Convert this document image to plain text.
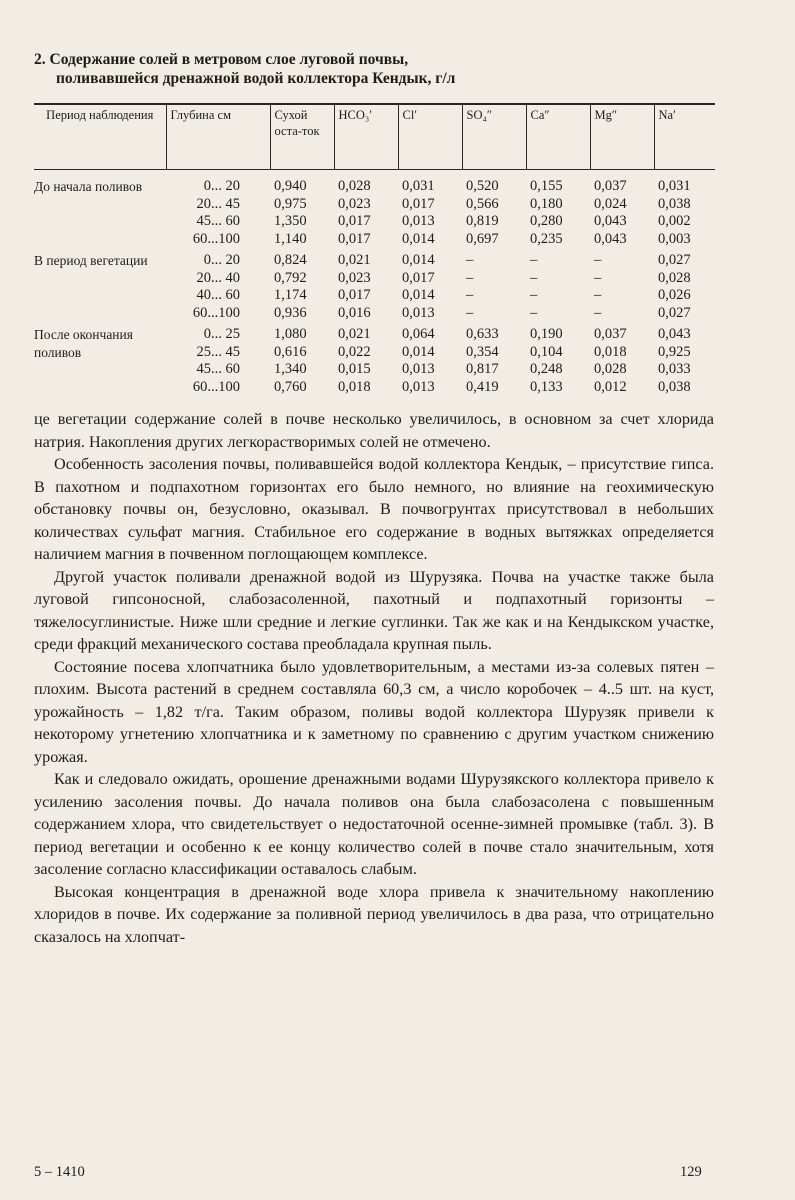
2. Содержание солей в метровом слое луговой почвы,
поливавшейся дренажной водой коллектора Кендык, г/л
Период наблюдения	Глубина см	Сухой оста-ток	HCO₃′	Cl′	SO₄″	Ca″	Mg″	Na′
До начала поливов	0... 20	0,940	0,028	0,031	0,520	0,155	0,037	0,031
	20... 45	0,975	0,023	0,017	0,566	0,180	0,024	0,038
	45... 60	1,350	0,017	0,013	0,819	0,280	0,043	0,002
	60...100	1,140	0,017	0,014	0,697	0,235	0,043	0,003
В период вегетации	0... 20	0,824	0,021	0,014	–	–	–	0,027
	20... 40	0,792	0,023	0,017	–	–	–	0,028
	40... 60	1,174	0,017	0,014	–	–	–	0,026
	60...100	0,936	0,016	0,013	–	–	–	0,027
После окончания поливов	0... 25	1,080	0,021	0,064	0,633	0,190	0,037	0,043
	25... 45	0,616	0,022	0,014	0,354	0,104	0,018	0,925
	45... 60	1,340	0,015	0,013	0,817	0,248	0,028	0,033
	60...100	0,760	0,018	0,013	0,419	0,133	0,012	0,038

це вегетации содержание солей в почве несколько увеличилось, в основном за счет хлорида натрия. Накопления других легкорастворимых солей не отмечено.

Особенность засоления почвы, поливавшейся водой коллектора Кендык, – присутствие гипса. В пахотном и подпахотном горизонтах его было немного, но влияние на геохимическую обстановку почвы он, безусловно, оказывал. В почвогрунтах присутствовал в небольших количествах сульфат магния. Стабильное его содержание в водных вытяжках определяется наличием магния в почвенном поглощающем комплексе.

Другой участок поливали дренажной водой из Шурузяка. Почва на участке также была луговой гипсоносной, слабозасоленной, пахотный и подпахотный горизонты – тяжелосуглинистые. Ниже шли средние и легкие суглинки. Так же как и на Кендыкском участке, среди фракций механического состава преобладала крупная пыль.

Состояние посева хлопчатника было удовлетворительным, а местами из-за солевых пятен – плохим. Высота растений в среднем составляла 60,3 см, а число коробочек – 4..5 шт. на куст, урожайность – 1,82 т/га. Таким образом, поливы водой коллектора Шурузяк привели к некоторому угнетению хлопчатника и к заметному по сравнению с другим участком снижению урожая.

Как и следовало ожидать, орошение дренажными водами Шурузякского коллектора привело к усилению засоления почвы. До начала поливов она была слабозасолена с повышенным содержанием хлора, что свидетельствует о недостаточной осенне-зимней промывке (табл. 3). В период вегетации и особенно к ее концу количество солей в почве стало значительным, хотя засоление согласно классификации оставалось слабым.

Высокая концентрация в дренажной воде хлора привела к значительному накоплению хлоридов в почве. Их содержание за поливной период увеличилось в два раза, что отрицательно сказалось на хлопчат-

5 – 1410	129
